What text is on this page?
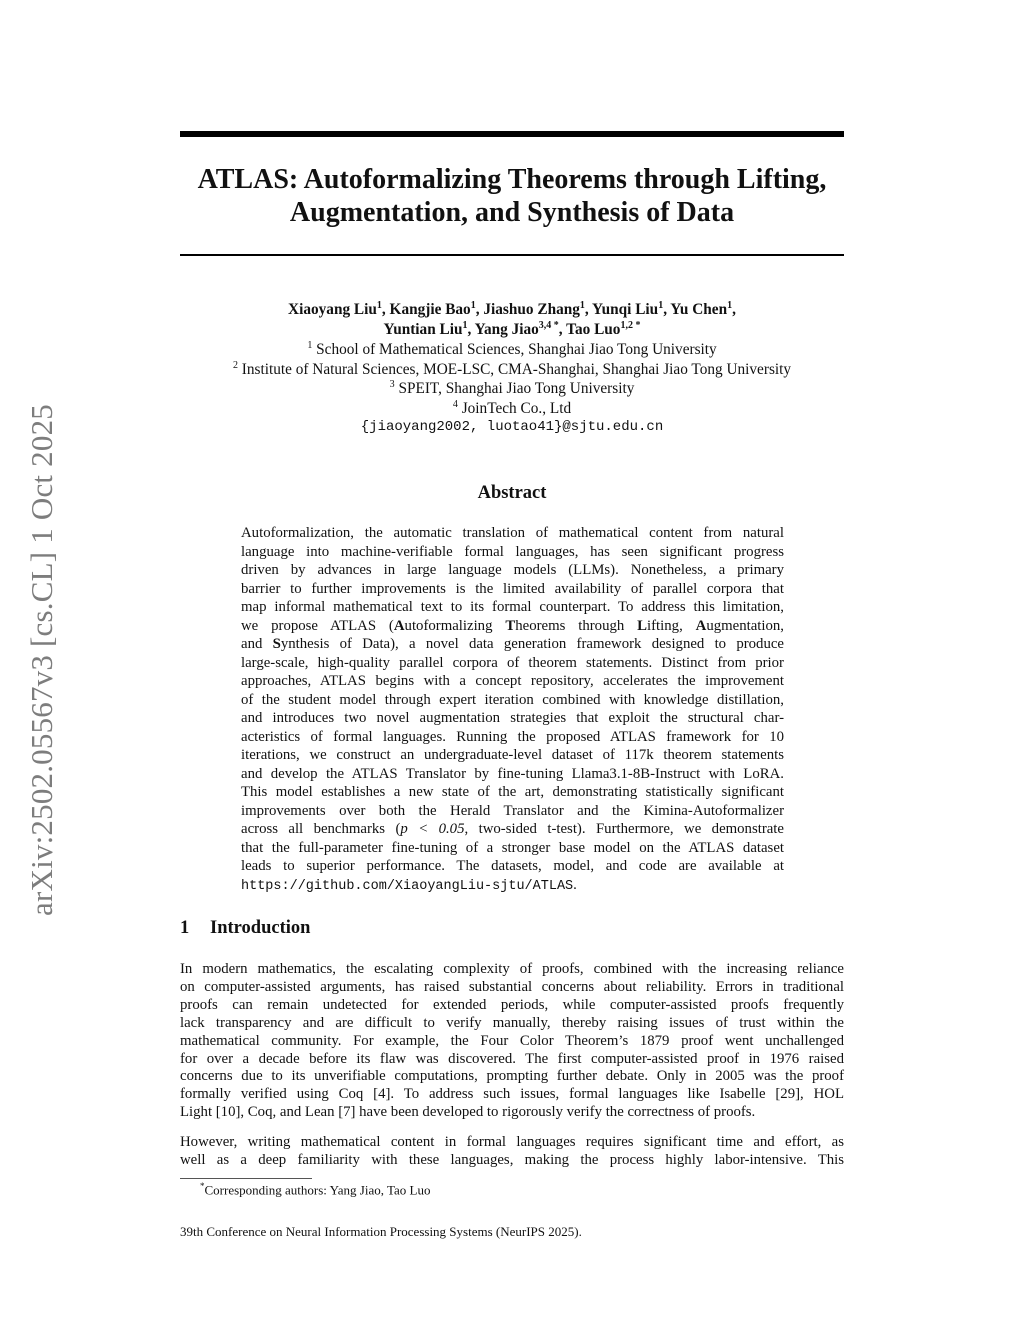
arXiv:2502.05567v3 [cs.CL] 1 Oct 2025
ATLAS: Autoformalizing Theorems through Lifting,
Augmentation, and Synthesis of Data
Xiaoyang Liu$^1$, Kangjie Bao$^1$, Jiashuo Zhang$^1$, Yunqi Liu$^1$, Yu Chen$^1$,
Yuntian Liu$^1$, Yang Jiao$^{3,4 *}$, Tao Luo$^{1,2 *}$
$^1$ School of Mathematical Sciences, Shanghai Jiao Tong University
$^2$ Institute of Natural Sciences, MOE-LSC, CMA-Shanghai, Shanghai Jiao Tong University
$^3$ SPEIT, Shanghai Jiao Tong University
$^4$ JoinTech Co., Ltd
{jiaoyang2002, luotao41}@sjtu.edu.cn
Abstract
Autoformalization, the automatic translation of mathematical content from natural
language into machine-verifiable formal languages, has seen significant progress
driven by advances in large language models (LLMs). Nonetheless, a primary
barrier to further improvements is the limited availability of parallel corpora that
map informal mathematical text to its formal counterpart. To address this limitation,
we propose ATLAS (Autoformalizing Theorems through Lifting, Augmentation,
and Synthesis of Data), a novel data generation framework designed to produce
large-scale, high-quality parallel corpora of theorem statements. Distinct from prior
approaches, ATLAS begins with a concept repository, accelerates the improvement
of the student model through expert iteration combined with knowledge distillation,
and introduces two novel augmentation strategies that exploit the structural char-
acteristics of formal languages. Running the proposed ATLAS framework for 10
iterations, we construct an undergraduate-level dataset of 117k theorem statements
and develop the ATLAS Translator by fine-tuning Llama3.1-8B-Instruct with LoRA.
This model establishes a new state of the art, demonstrating statistically significant
improvements over both the Herald Translator and the Kimina-Autoformalizer
across all benchmarks (p < 0.05, two-sided t-test). Furthermore, we demonstrate
that the full-parameter fine-tuning of a stronger base model on the ATLAS dataset
leads to superior performance. The datasets, model, and code are available at
https://github.com/XiaoyangLiu-sjtu/ATLAS.
1 Introduction
In modern mathematics, the escalating complexity of proofs, combined with the increasing reliance
on computer-assisted arguments, has raised substantial concerns about reliability. Errors in traditional
proofs can remain undetected for extended periods, while computer-assisted proofs frequently
lack transparency and are difficult to verify manually, thereby raising issues of trust within the
mathematical community. For example, the Four Color Theorem’s 1879 proof went unchallenged
for over a decade before its flaw was discovered. The first computer-assisted proof in 1976 raised
concerns due to its unverifiable computations, prompting further debate. Only in 2005 was the proof
formally verified using Coq [4]. To address such issues, formal languages like Isabelle [29], HOL
Light [10], Coq, and Lean [7] have been developed to rigorously verify the correctness of proofs.
However, writing mathematical content in formal languages requires significant time and effort, as
well as a deep familiarity with these languages, making the process highly labor-intensive. This
*Corresponding authors: Yang Jiao, Tao Luo
39th Conference on Neural Information Processing Systems (NeurIPS 2025).
